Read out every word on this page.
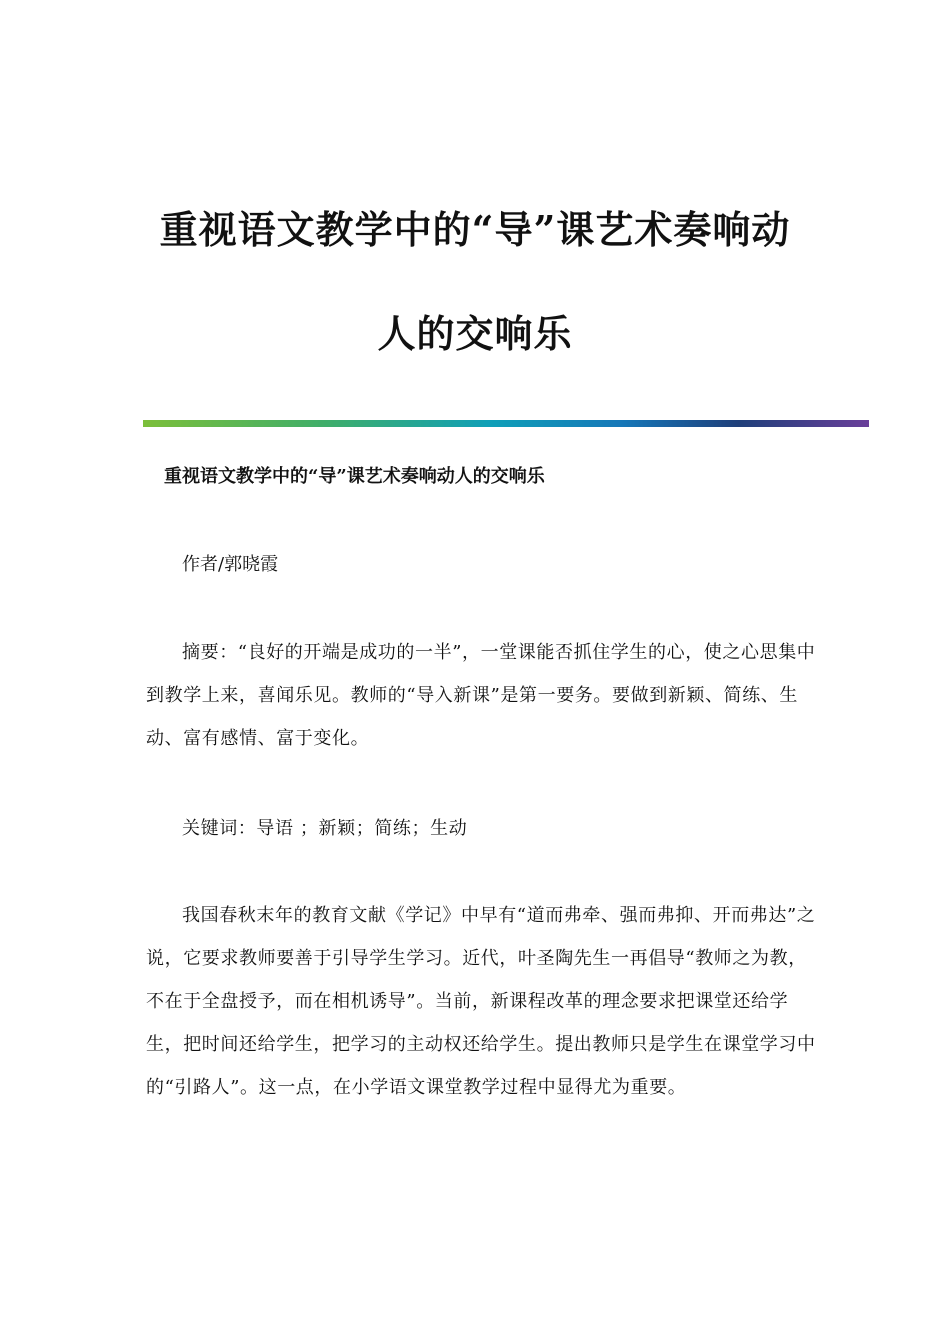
重视语文教学中的“导”课艺术奏响动
人的交响乐
重视语文教学中的“导”课艺术奏响动人的交响乐

作者/郭晓霞

摘要：“良好的开端是成功的一半”，一堂课能否抓住学生的心，使之心思集中到教学上来，喜闻乐见。教师的“导入新课”是第一要务。要做到新颖、简练、生动、富有感情、富于变化。

关键词：导语 ；新颖；简练；生动

我国春秋末年的教育文献《学记》中早有“道而弗牵、强而弗抑、开而弗达”之说，它要求教师要善于引导学生学习。近代，叶圣陶先生一再倡导“教师之为教，不在于全盘授予，而在相机诱导”。当前，新课程改革的理念要求把课堂还给学生，把时间还给学生，把学习的主动权还给学生。提出教师只是学生在课堂学习中的“引路人”。这一点，在小学语文课堂教学过程中显得尤为重要。
